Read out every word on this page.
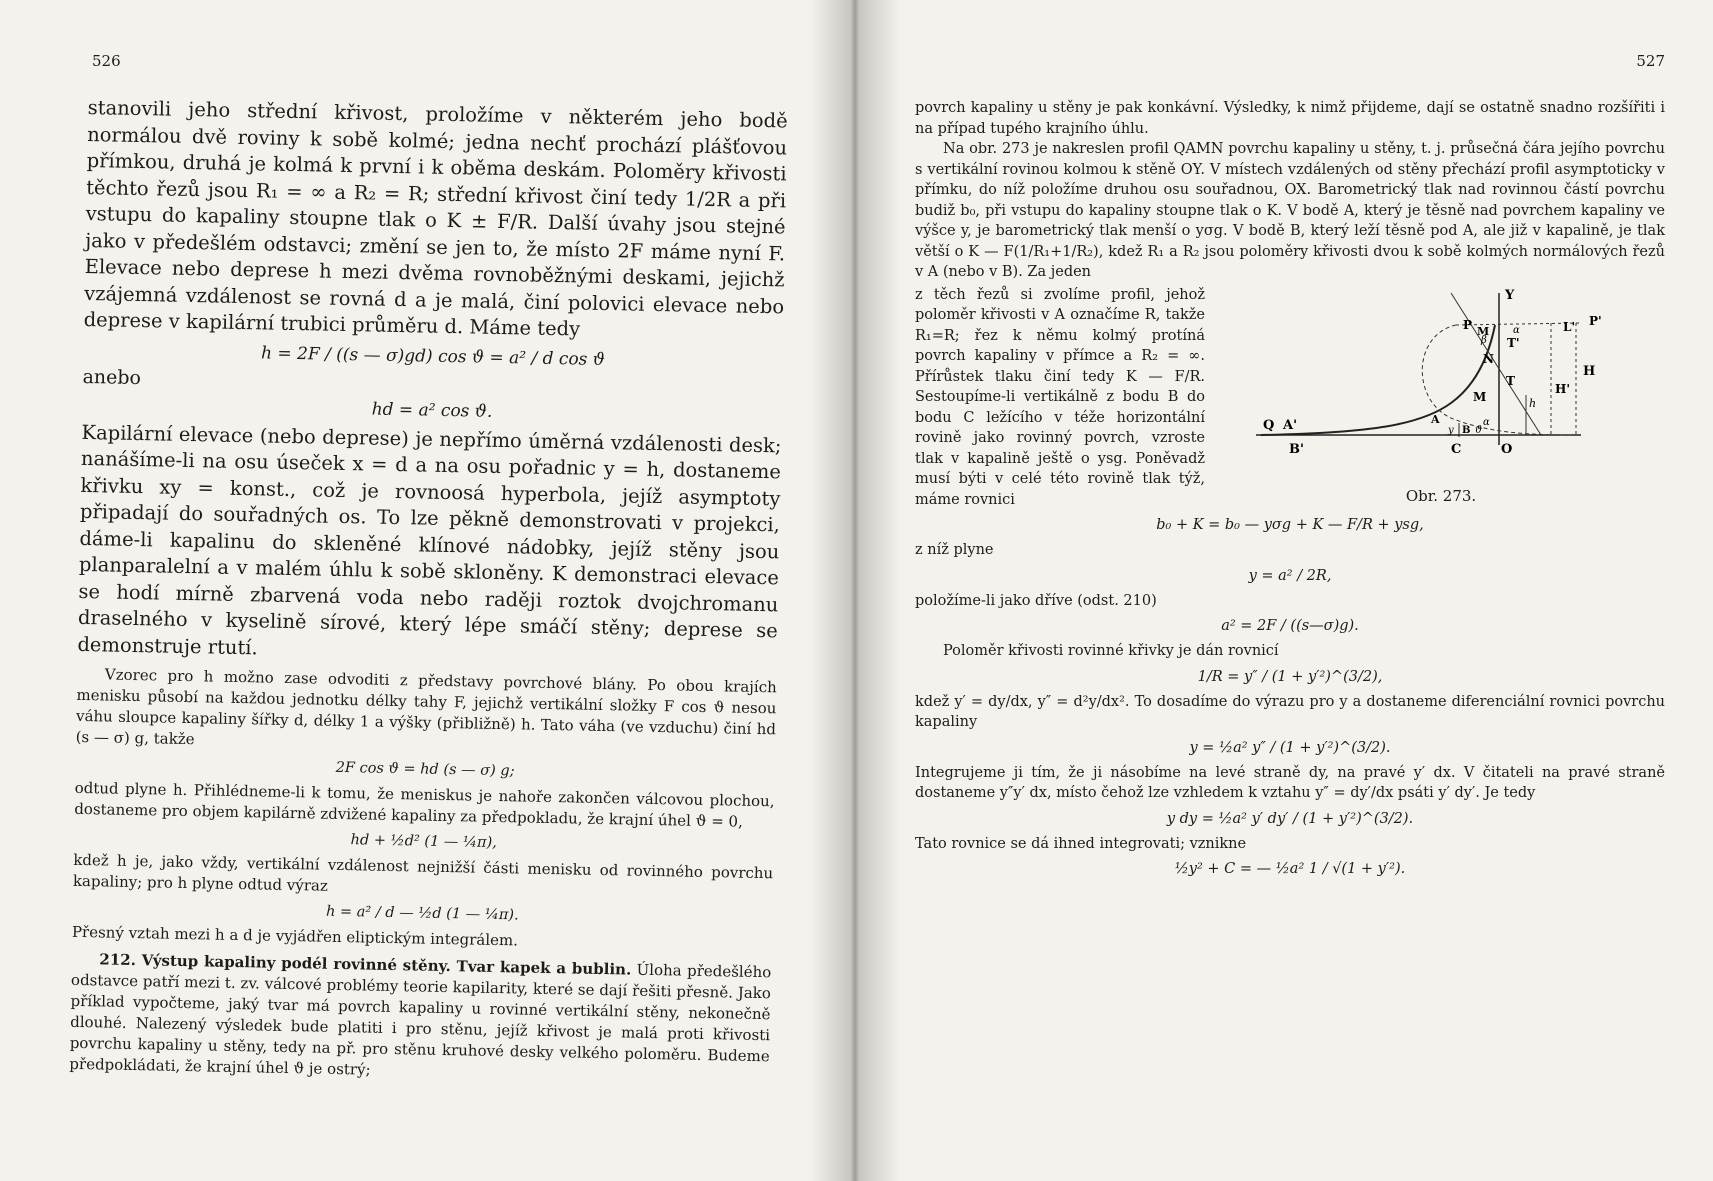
526

stanovili jeho střední křivost, proložíme v některém jeho bodě normálou dvě roviny k sobě kolmé; jedna nechť prochází plášťovou přímkou, druhá je kolmá k první i k oběma deskám. Poloměry křivosti těchto řezů jsou R₁ = ∞ a R₂ = R; střední křivost činí tedy 1/2R a při vstupu do kapaliny stoupne tlak o K ± F/R. Další úvahy jsou stejné jako v předešlém odstavci; změní se jen to, že místo 2F máme nyní F. Elevace nebo deprese h mezi dvěma rovnoběžnými deskami, jejichž vzájemná vzdálenost se rovná d a je malá, činí polovici elevace nebo deprese v kapilární trubici průměru d. Máme tedy

h = 2F / ((s — σ)gd) cos ϑ = a² / d cos ϑ
anebo
hd = a² cos ϑ.

Kapilární elevace (nebo deprese) je nepřímo úměrná vzdálenosti desk; nanášíme-li na osu úseček x = d a na osu pořadnic y = h, dostaneme křivku xy = konst., což je rovnoosá hyperbola, jejíž asymptoty připadají do souřadných os. To lze pěkně demonstrovati v projekci, dáme-li kapalinu do skleněné klínové nádobky, jejíž stěny jsou planparalelní a v malém úhlu k sobě skloněny. K demonstraci elevace se hodí mírně zbarvená voda nebo raději roztok dvojchromanu draselného v kyselině sírové, který lépe smáčí stěny; deprese se demonstruje rtutí.

Vzorec pro h možno zase odvoditi z představy povrchové blány. Po obou krajích menisku působí na každou jednotku délky tahy F, jejichž vertikální složky F cos ϑ nesou váhu sloupce kapaliny šířky d, délky 1 a výšky (přibližně) h. Tato váha (ve vzduchu) činí hd (s — σ) g, takže

2F cos ϑ = hd (s — σ) g;

odtud plyne h. Přihlédneme-li k tomu, že meniskus je nahoře zakončen válcovou plochou, dostaneme pro objem kapilárně zdvižené kapaliny za předpokladu, že krajní úhel ϑ = 0,

hd + ½d² (1 — ¼π),

kdež h je, jako vždy, vertikální vzdálenost nejnižší části menisku od rovinného povrchu kapaliny; pro h plyne odtud výraz

h = a² / d — ½d (1 — ¼π).

Přesný vztah mezi h a d je vyjádřen eliptickým integrálem.

212. Výstup kapaliny podél rovinné stěny. Tvar kapek a bublin. Úloha předešlého odstavce patří mezi t. zv. válcové problémy teorie kapilarity, které se dají řešiti přesně. Jako příklad vypočteme, jaký tvar má povrch kapaliny u rovinné vertikální stěny, nekonečně dlouhé. Nalezený výsledek bude platiti i pro stěnu, jejíž křivost je malá proti křivosti povrchu kapaliny u stěny, tedy na př. pro stěnu kruhové desky velkého poloměru. Budeme předpokládati, že krajní úhel ϑ je ostrý;

527

povrch kapaliny u stěny je pak konkávní. Výsledky, k nimž přijdeme, dají se ostatně snadno rozšířiti i na případ tupého krajního úhlu.

Na obr. 273 je nakreslen profil QAMN povrchu kapaliny u stěny, t. j. průsečná čára jejího povrchu s vertikální rovinou kolmou k stěně OY. V místech vzdálených od stěny přechází profil asymptoticky v přímku, do níž položíme druhou osu souřadnou, OX. Barometrický tlak nad rovinnou částí povrchu budiž b₀, při vstupu do kapaliny stoupne tlak o K. V bodě A, který je těsně nad povrchem kapaliny ve výšce y, je barometrický tlak menší o yσg. V bodě B, který leží těsně pod A, ale již v kapalině, je tlak větší o K — F(1/R₁+1/R₂), kdež R₁ a R₂ jsou poloměry křivosti dvou k sobě kolmých normálových řezů v A (nebo v B). Za jeden

z těch řezů si zvolíme profil, jehož poloměr křivosti v A označíme R, takže R₁=R; řez k němu kolmý protíná povrch kapaliny v přímce a R₂ = ∞. Přírůstek tlaku činí tedy K — F/R. Sestoupíme-li vertikálně z bodu B do bodu C ležícího v téže horizontální rovině jako rovinný povrch, vzroste tlak v kapalině ještě o ysg. Poněvadž musí býti v celé této rovině tlak týž, máme rovnici

Y
P M	L' P'
T'
N
H
T
H'
M	h
A
y B ϑ
α
Q A'
B'	C	O
β
α
Obr. 273.
b₀ + K = b₀ — yσg + K — F/R + ysg,

z níž plyne

y = a² / 2R,

položíme-li jako dříve (odst. 210)

a² = 2F / ((s—σ)g).

Poloměr křivosti rovinné křivky je dán rovnicí

1/R = y″ / (1 + y′²)^(3/2),

kdež y′ = dy/dx, y″ = d²y/dx². To dosadíme do výrazu pro y a dostaneme diferenciální rovnici povrchu kapaliny

y = ½a² y″ / (1 + y′²)^(3/2).

Integrujeme ji tím, že ji násobíme na levé straně dy, na pravé y′ dx. V čitateli na pravé straně dostaneme y″y′ dx, místo čehož lze vzhledem k vztahu y″ = dy′/dx psáti y′ dy′. Je tedy

y dy = ½a² y′ dy′ / (1 + y′²)^(3/2).

Tato rovnice se dá ihned integrovati; vznikne

½y² + C = — ½a² 1 / √(1 + y′²).
